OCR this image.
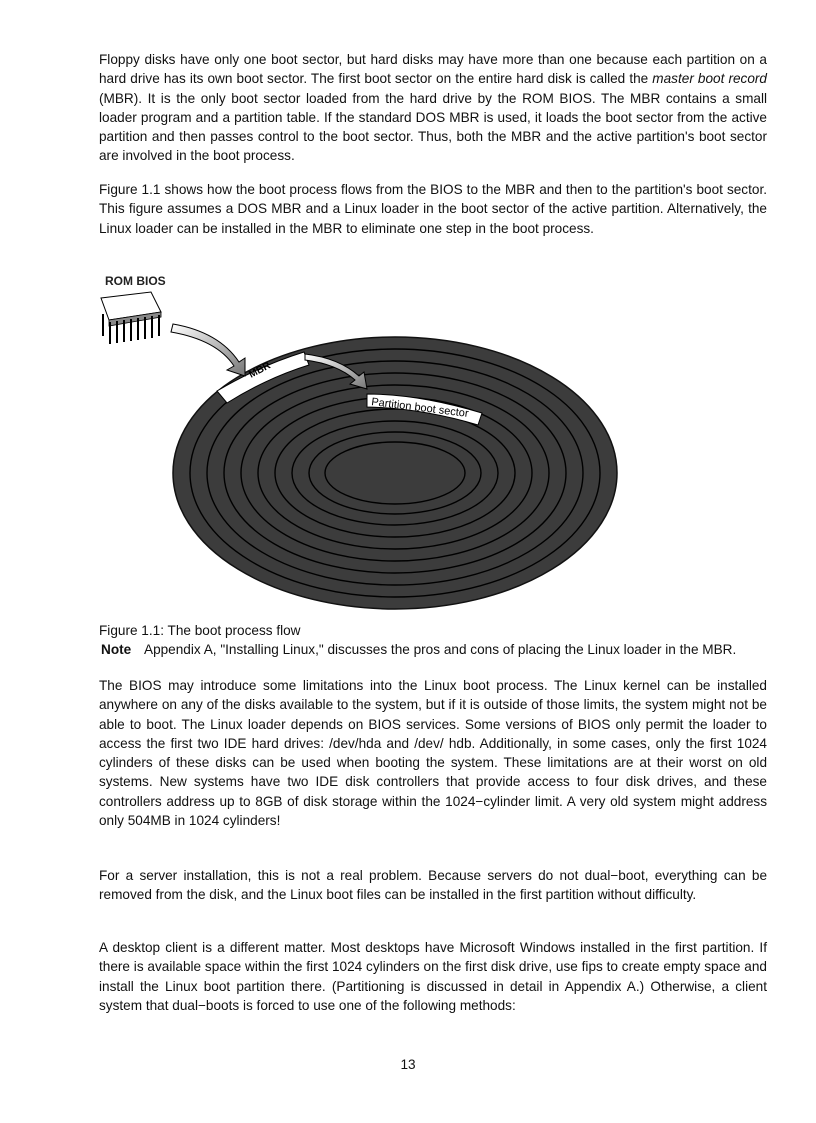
Floppy disks have only one boot sector, but hard disks may have more than one because each partition on a hard drive has its own boot sector. The first boot sector on the entire hard disk is called the master boot record (MBR). It is the only boot sector loaded from the hard drive by the ROM BIOS. The MBR contains a small loader program and a partition table. If the standard DOS MBR is used, it loads the boot sector from the active partition and then passes control to the boot sector. Thus, both the MBR and the active partition's boot sector are involved in the boot process.

Figure 1.1 shows how the boot process flows from the BIOS to the MBR and then to the partition's boot sector. This figure assumes a DOS MBR and a Linux loader in the boot sector of the active partition. Alternatively, the Linux loader can be installed in the MBR to eliminate one step in the boot process.

MBR
Partition boot sector
ROM BIOS
Figure 1.1: The boot process flow
Note Appendix A, "Installing Linux," discusses the pros and cons of placing the Linux loader in the MBR.

The BIOS may introduce some limitations into the Linux boot process. The Linux kernel can be installed anywhere on any of the disks available to the system, but if it is outside of those limits, the system might not be able to boot. The Linux loader depends on BIOS services. Some versions of BIOS only permit the loader to access the first two IDE hard drives: /dev/hda and /dev/ hdb. Additionally, in some cases, only the first 1024 cylinders of these disks can be used when booting the system. These limitations are at their worst on old systems. New systems have two IDE disk controllers that provide access to four disk drives, and these controllers address up to 8GB of disk storage within the 1024−cylinder limit. A very old system might address only 504MB in 1024 cylinders!

For a server installation, this is not a real problem. Because servers do not dual−boot, everything can be removed from the disk, and the Linux boot files can be installed in the first partition without difficulty.

A desktop client is a different matter. Most desktops have Microsoft Windows installed in the first partition. If there is available space within the first 1024 cylinders on the first disk drive, use fips to create empty space and install the Linux boot partition there. (Partitioning is discussed in detail in Appendix A.) Otherwise, a client system that dual−boots is forced to use one of the following methods:

13
